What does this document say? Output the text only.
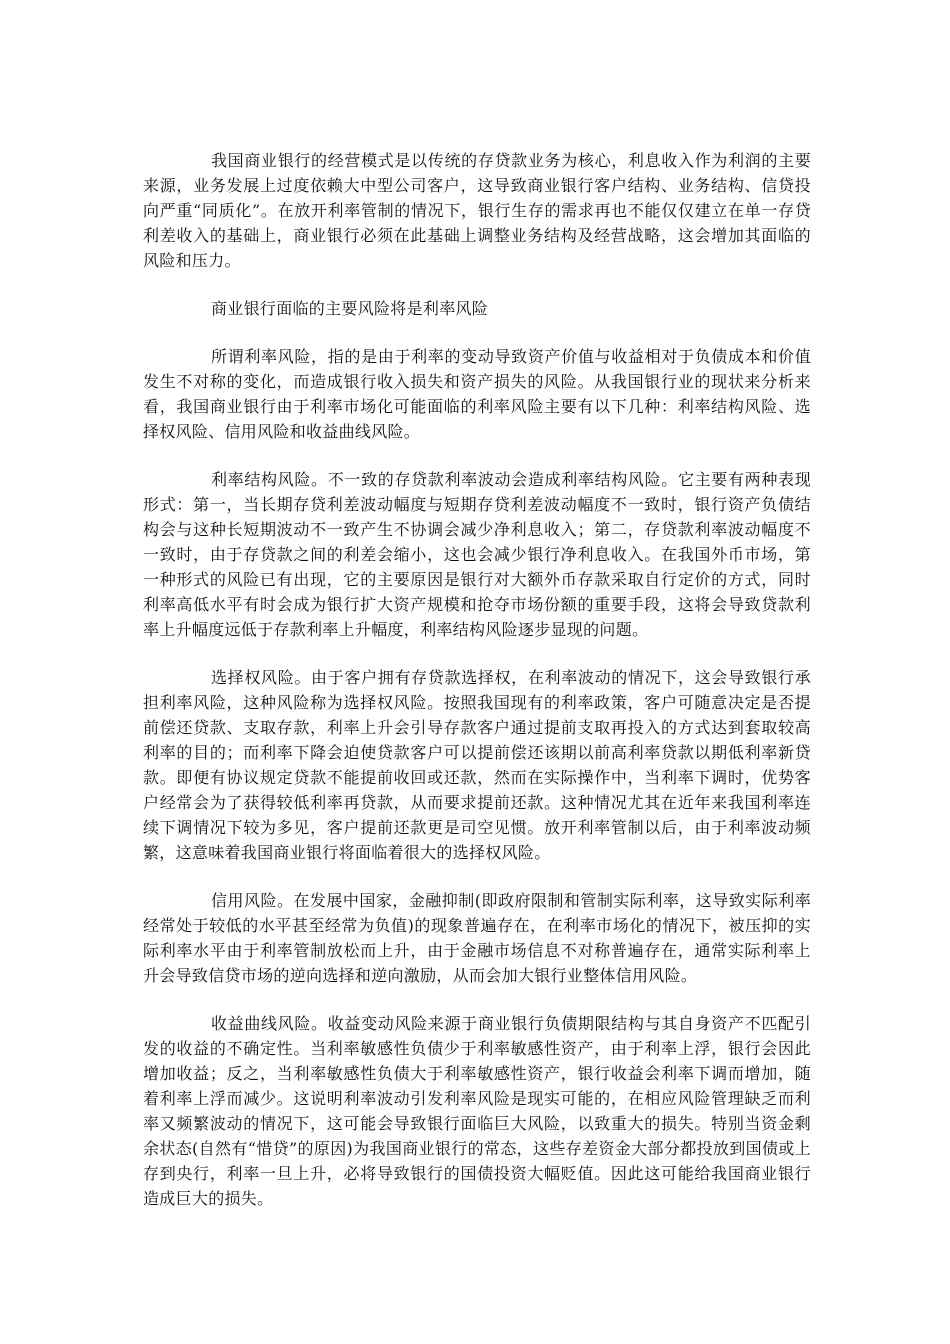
我国商业银行的经营模式是以传统的存贷款业务为核心，利息收入作为利润的主要来源，业务发展上过度依赖大中型公司客户，这导致商业银行客户结构、业务结构、信贷投向严重“同质化”。在放开利率管制的情况下，银行生存的需求再也不能仅仅建立在单一存贷利差收入的基础上，商业银行必须在此基础上调整业务结构及经营战略，这会增加其面临的风险和压力。

商业银行面临的主要风险将是利率风险

所谓利率风险，指的是由于利率的变动导致资产价值与收益相对于负债成本和价值发生不对称的变化，而造成银行收入损失和资产损失的风险。从我国银行业的现状来分析来看，我国商业银行由于利率市场化可能面临的利率风险主要有以下几种：利率结构风险、选择权风险、信用风险和收益曲线风险。

利率结构风险。不一致的存贷款利率波动会造成利率结构风险。它主要有两种表现形式：第一，当长期存贷利差波动幅度与短期存贷利差波动幅度不一致时，银行资产负债结构会与这种长短期波动不一致产生不协调会减少净利息收入；第二，存贷款利率波动幅度不一致时，由于存贷款之间的利差会缩小，这也会减少银行净利息收入。在我国外币市场，第一种形式的风险已有出现，它的主要原因是银行对大额外币存款采取自行定价的方式，同时利率高低水平有时会成为银行扩大资产规模和抢夺市场份额的重要手段，这将会导致贷款利率上升幅度远低于存款利率上升幅度，利率结构风险逐步显现的问题。

选择权风险。由于客户拥有存贷款选择权，在利率波动的情况下，这会导致银行承担利率风险，这种风险称为选择权风险。按照我国现有的利率政策，客户可随意决定是否提前偿还贷款、支取存款，利率上升会引导存款客户通过提前支取再投入的方式达到套取较高利率的目的；而利率下降会迫使贷款客户可以提前偿还该期以前高利率贷款以期低利率新贷款。即便有协议规定贷款不能提前收回或还款，然而在实际操作中，当利率下调时，优势客户经常会为了获得较低利率再贷款，从而要求提前还款。这种情况尤其在近年来我国利率连续下调情况下较为多见，客户提前还款更是司空见惯。放开利率管制以后，由于利率波动频繁，这意味着我国商业银行将面临着很大的选择权风险。

信用风险。在发展中国家，金融抑制(即政府限制和管制实际利率，这导致实际利率经常处于较低的水平甚至经常为负值)的现象普遍存在，在利率市场化的情况下，被压抑的实际利率水平由于利率管制放松而上升，由于金融市场信息不对称普遍存在，通常实际利率上升会导致信贷市场的逆向选择和逆向激励，从而会加大银行业整体信用风险。

收益曲线风险。收益变动风险来源于商业银行负债期限结构与其自身资产不匹配引发的收益的不确定性。当利率敏感性负债少于利率敏感性资产，由于利率上浮，银行会因此增加收益；反之，当利率敏感性负债大于利率敏感性资产，银行收益会利率下调而增加，随着利率上浮而减少。这说明利率波动引发利率风险是现实可能的，在相应风险管理缺乏而利率又频繁波动的情况下，这可能会导致银行面临巨大风险，以致重大的损失。特别当资金剩余状态(自然有“惜贷”的原因)为我国商业银行的常态，这些存差资金大部分都投放到国债或上存到央行，利率一旦上升，必将导致银行的国债投资大幅贬值。因此这可能给我国商业银行造成巨大的损失。
